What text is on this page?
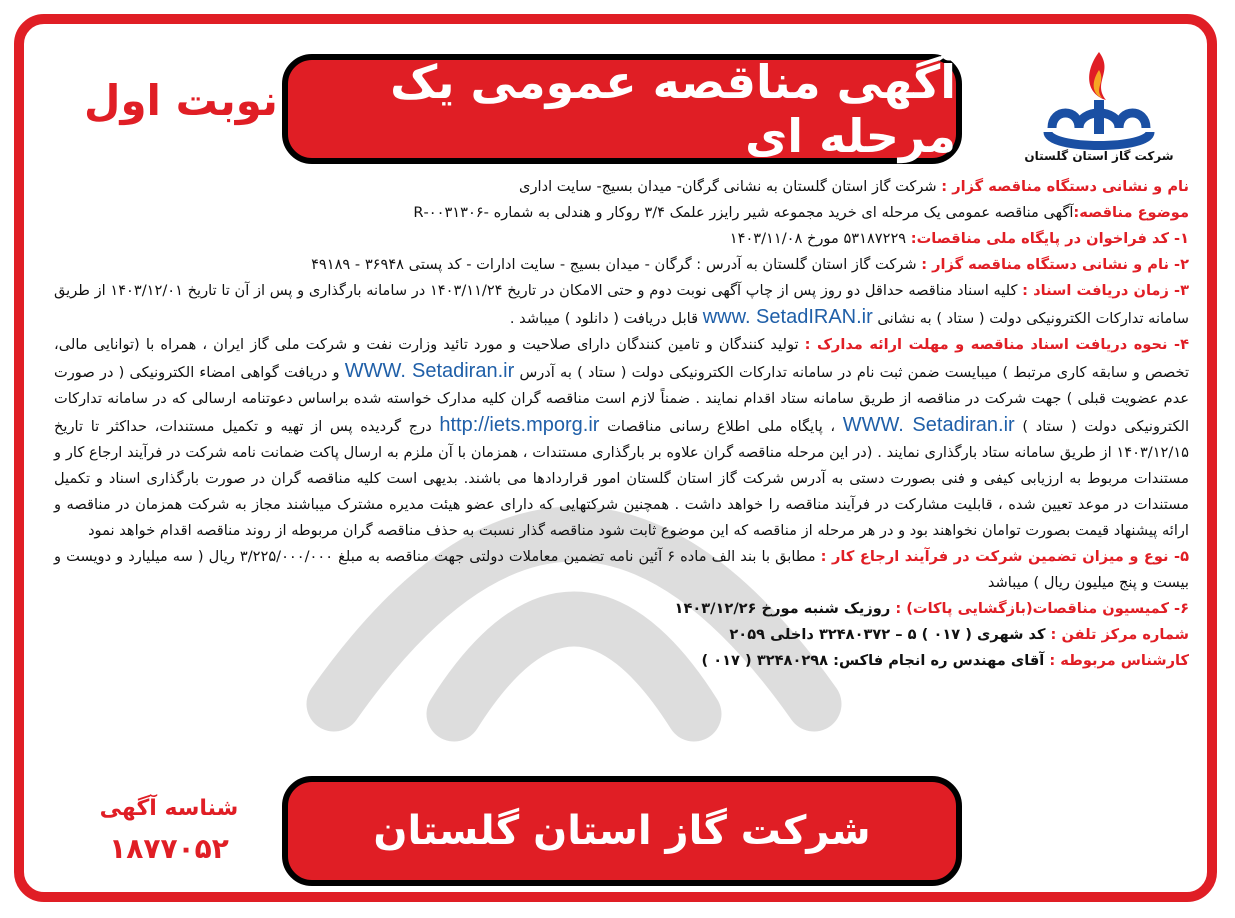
نوبت اول	آگهی مناقصه عمومی یک مرحله ای	شرکت گاز استان گلستان

نام و نشانی دستگاه مناقصه گزار : شرکت گاز استان گلستان به نشانی گرگان- میدان بسیج- سایت اداری

موضوع مناقصه:آگهی مناقصه عمومی یک مرحله ای خرید مجموعه شیر رایزر علمک ۳/۴ روکار و هندلی به شماره -۰۰۳۱۳۰۶-R

۱- کد فراخوان در پایگاه ملی مناقصات: ۵۳۱۸۷۲۲۹ مورخ ۱۴۰۳/۱۱/۰۸

۲- نام و نشانی دستگاه مناقصه گزار : شرکت گاز استان گلستان به آدرس : گرگان - میدان بسیج - سایت ادارات - کد پستی ۳۶۹۴۸ - ۴۹۱۸۹

۳- زمان دریافت اسناد : کلیه اسناد مناقصه حداقل دو روز پس از چاپ آگهی نوبت دوم و حتی الامکان در تاریخ ۱۴۰۳/۱۱/۲۴ در سامانه بارگذاری و پس از آن تا تاریخ ۱۴۰۳/۱۲/۰۱ از طریق سامانه تدارکات الکترونیکی دولت ( ستاد ) به نشانی www. SetadIRAN.ir قابل دریافت ( دانلود ) میباشد .

۴- نحوه دریافت اسناد مناقصه و مهلت ارائه مدارک : تولید کنندگان و تامین کنندگان دارای صلاحیت و مورد تائید وزارت نفت و شرکت ملی گاز ایران ، همراه با (توانایی مالی، تخصص و سابقه کاری مرتبط ) میبایست ضمن ثبت نام در سامانه تدارکات الکترونیکی دولت ( ستاد ) به آدرس WWW. Setadiran.ir و دریافت گواهی امضاء الکترونیکی ( در صورت عدم عضویت قبلی ) جهت شرکت در مناقصه از طریق سامانه ستاد اقدام نمایند . ضمناً لازم است مناقصه گران کلیه مدارک خواسته شده براساس دعوتنامه ارسالی که در سامانه تدارکات الکترونیکی دولت ( ستاد ) WWW. Setadiran.ir ، پایگاه ملی اطلاع رسانی مناقصات http://iets.mporg.ir درج گردیده پس از تهیه و تکمیل مستندات، حداکثر تا تاریخ ۱۴۰۳/۱۲/۱۵ از طریق سامانه ستاد بارگذاری نمایند . (در این مرحله مناقصه گران علاوه بر بارگذاری مستندات ، همزمان با آن ملزم به ارسال پاکت ضمانت نامه شرکت در فرآیند ارجاع کار و مستندات مربوط به ارزیابی کیفی و فنی بصورت دستی به آدرس شرکت گاز استان گلستان امور قراردادها می باشند. بدیهی است کلیه مناقصه گران در صورت بارگذاری اسناد و تکمیل مستندات در موعد تعیین شده ، قابلیت مشارکت در فرآیند مناقصه را خواهد داشت . همچنین شرکتهایی که دارای عضو هیئت مدیره مشترک میباشند مجاز به شرکت همزمان در مناقصه و ارائه پیشنهاد قیمت بصورت توامان نخواهند بود و در هر مرحله از مناقصه که این موضوع ثابت شود مناقصه گذار نسبت به حذف مناقصه گران مربوطه از روند مناقصه اقدام خواهد نمود

۵- نوع و میزان تضمین شرکت در فرآیند ارجاع کار : مطابق با بند الف ماده ۶ آئین نامه تضمین معاملات دولتی جهت مناقصه به مبلغ ۳/۲۲۵/۰۰۰/۰۰۰ ریال ( سه میلیارد و دویست و بیست و پنج میلیون ریال ) میباشد

۶- کمیسیون مناقصات(بازگشایی پاکات) : روزیک شنبه مورخ ۱۴۰۳/۱۲/۲۶

شماره مرکز تلفن : کد شهری ( ۰۱۷ ) ۵ – ۳۲۴۸۰۳۷۲ داخلی ۲۰۵۹

کارشناس مربوطه : آقای مهندس ره انجام فاکس: ۳۲۴۸۰۲۹۸ ( ۰۱۷ )

شناسه آگهی
۱۸۷۷۰۵۲	شرکت گاز استان گلستان
